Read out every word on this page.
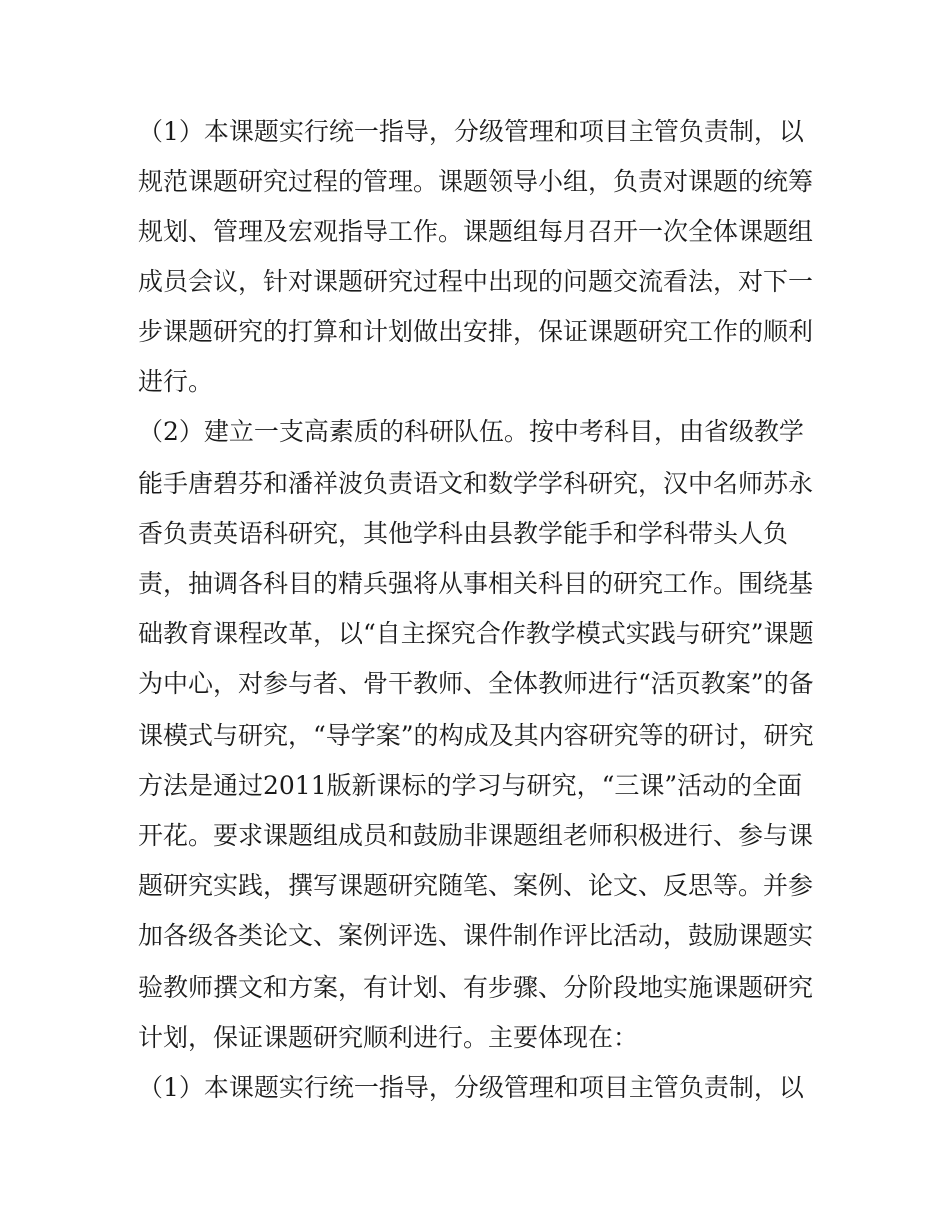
（1）本课题实行统一指导，分级管理和项目主管负责制，以
规范课题研究过程的管理。课题领导小组，负责对课题的统筹
规划、管理及宏观指导工作。课题组每月召开一次全体课题组
成员会议，针对课题研究过程中出现的问题交流看法，对下一
步课题研究的打算和计划做出安排，保证课题研究工作的顺利
进行。
（2）建立一支高素质的科研队伍。按中考科目，由省级教学
能手唐碧芬和潘祥波负责语文和数学学科研究，汉中名师苏永
香负责英语科研究，其他学科由县教学能手和学科带头人负
责，抽调各科目的精兵强将从事相关科目的研究工作。围绕基
础教育课程改革，以“自主探究合作教学模式实践与研究”课题
为中心，对参与者、骨干教师、全体教师进行“活页教案”的备
课模式与研究，“导学案”的构成及其内容研究等的研讨，研究
方法是通过2011版新课标的学习与研究，“三课”活动的全面
开花。要求课题组成员和鼓励非课题组老师积极进行、参与课
题研究实践，撰写课题研究随笔、案例、论文、反思等。并参
加各级各类论文、案例评选、课件制作评比活动，鼓励课题实
验教师撰文和方案，有计划、有步骤、分阶段地实施课题研究
计划，保证课题研究顺利进行。主要体现在：
（1）本课题实行统一指导，分级管理和项目主管负责制，以
